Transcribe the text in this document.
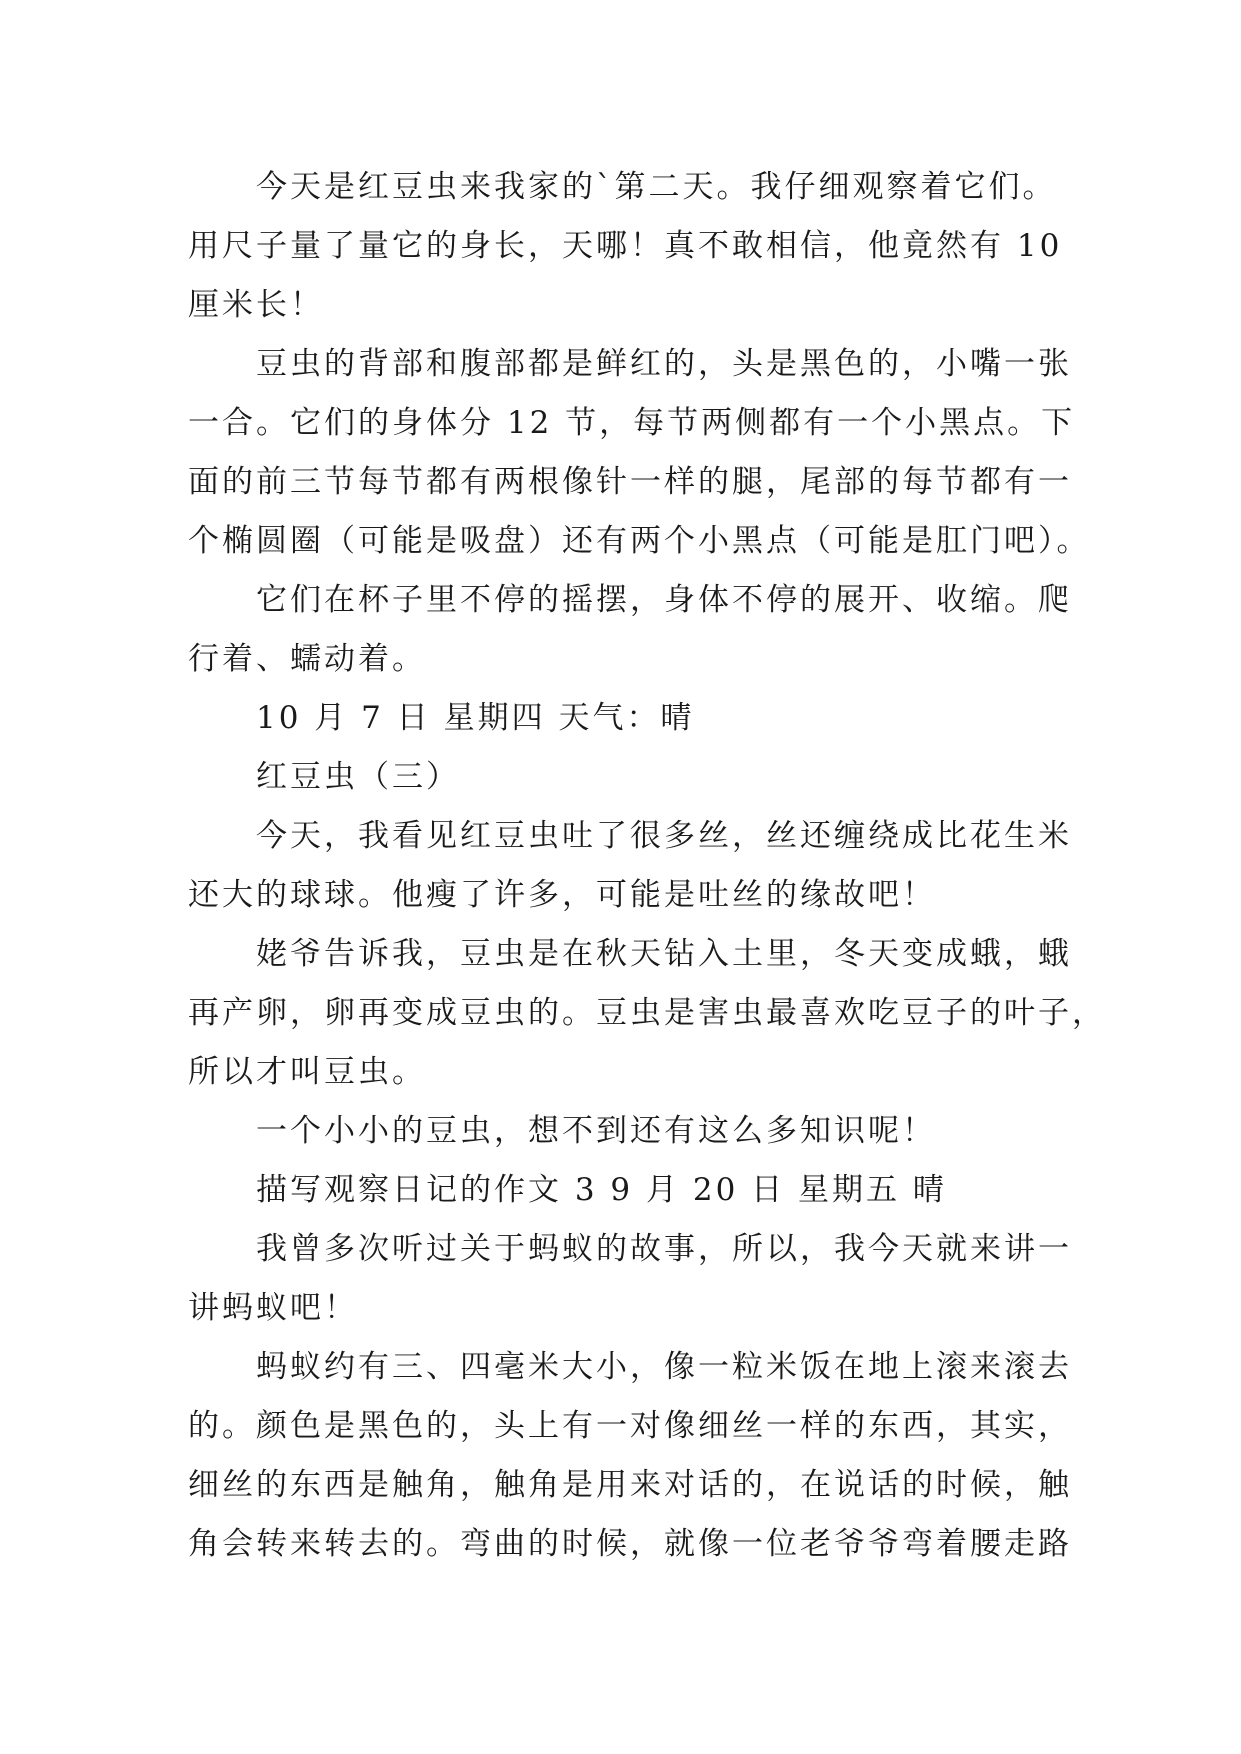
今天是红豆虫来我家的`第二天。我仔细观察着它们。
用尺子量了量它的身长，天哪！真不敢相信，他竟然有 10
厘米长！
豆虫的背部和腹部都是鲜红的，头是黑色的，小嘴一张
一合。它们的身体分 12 节，每节两侧都有一个小黑点。下
面的前三节每节都有两根像针一样的腿，尾部的每节都有一
个椭圆圈（可能是吸盘）还有两个小黑点（可能是肛门吧）。
它们在杯子里不停的摇摆，身体不停的展开、收缩。爬
行着、蠕动着。
10 月 7 日 星期四 天气：晴
红豆虫（三）
今天，我看见红豆虫吐了很多丝，丝还缠绕成比花生米
还大的球球。他瘦了许多，可能是吐丝的缘故吧！
姥爷告诉我，豆虫是在秋天钻入土里，冬天变成蛾，蛾
再产卵，卵再变成豆虫的。豆虫是害虫最喜欢吃豆子的叶子，
所以才叫豆虫。
一个小小的豆虫，想不到还有这么多知识呢！
描写观察日记的作文 3 9 月 20 日 星期五 晴
我曾多次听过关于蚂蚁的故事，所以，我今天就来讲一
讲蚂蚁吧！
蚂蚁约有三、四毫米大小，像一粒米饭在地上滚来滚去
的。颜色是黑色的，头上有一对像细丝一样的东西，其实，
细丝的东西是触角，触角是用来对话的，在说话的时候，触
角会转来转去的。弯曲的时候，就像一位老爷爷弯着腰走路
